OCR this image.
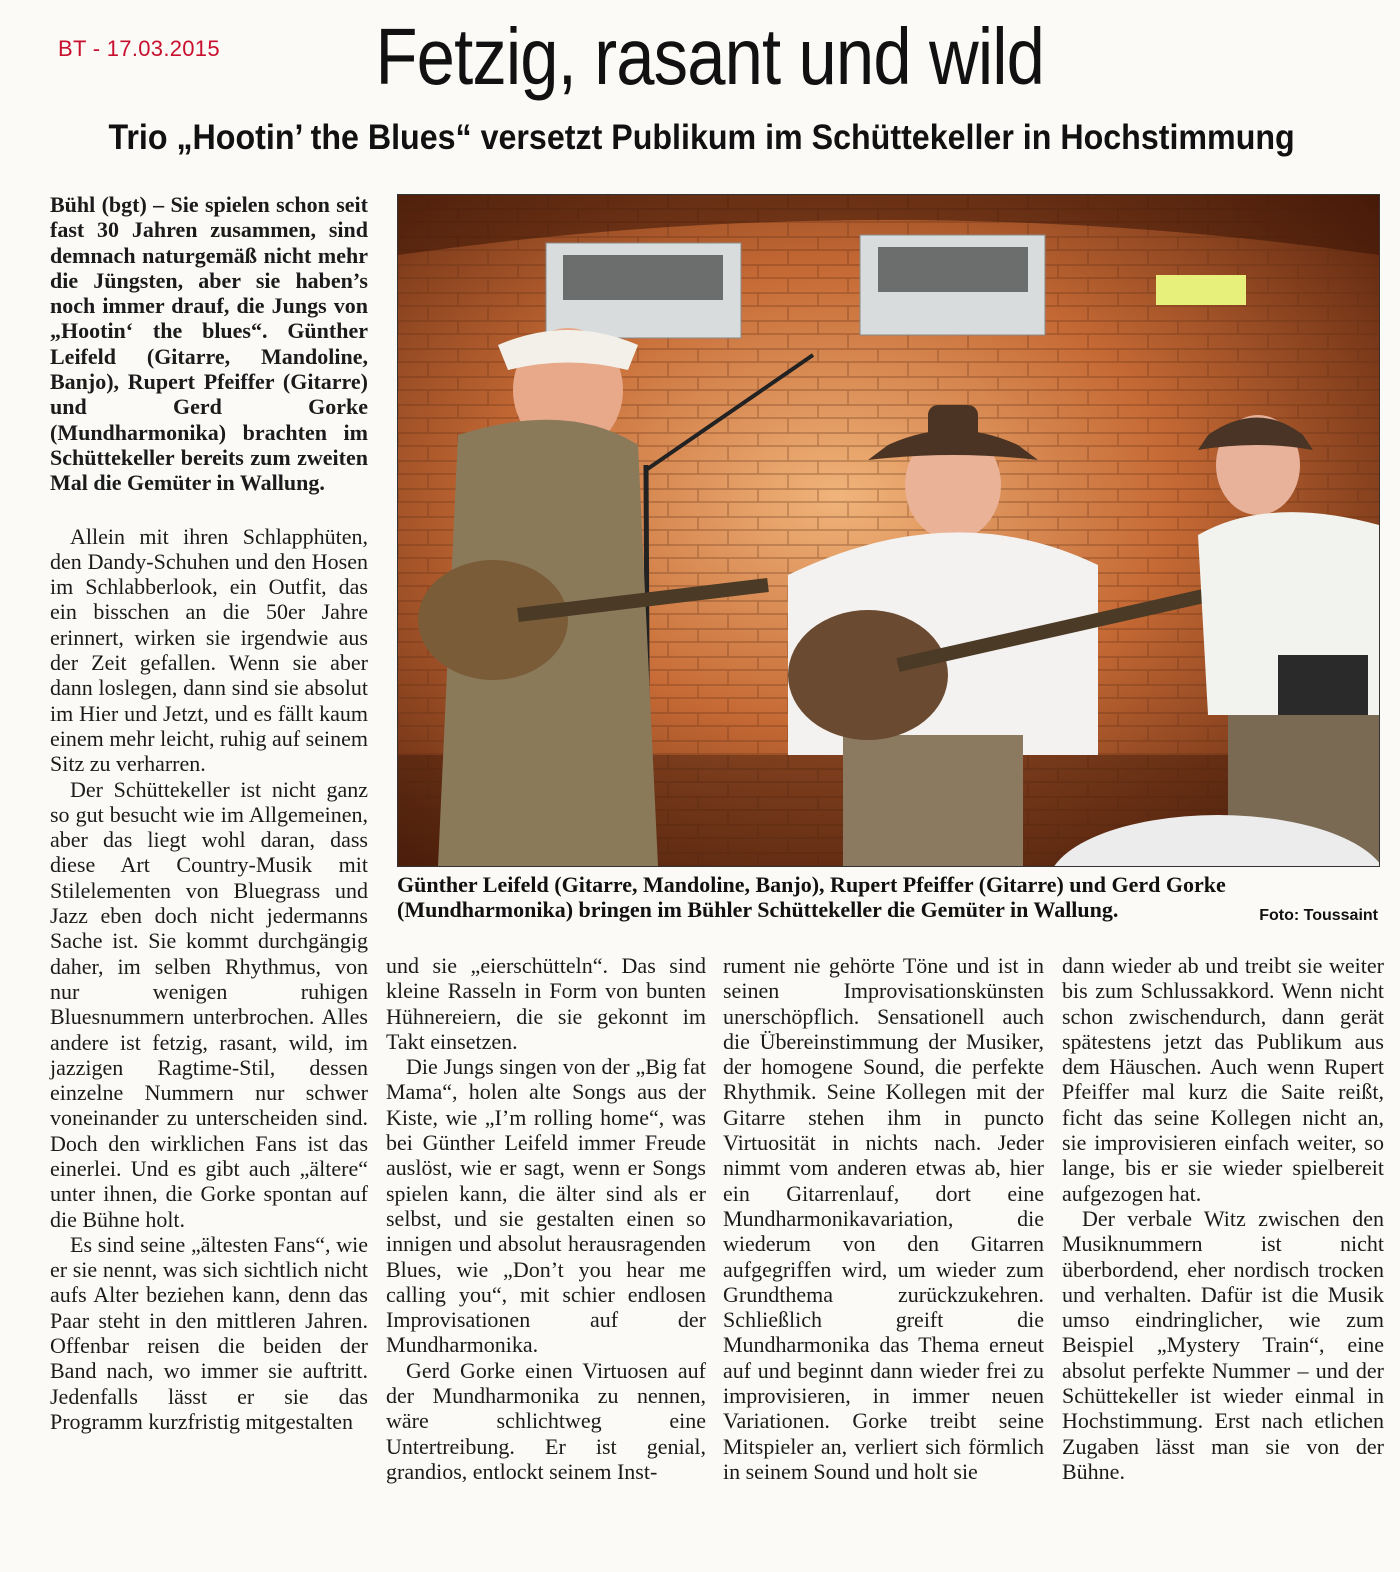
BT - 17.03.2015	Fetzig, rasant und wild
Trio „Hootin’ the Blues“ versetzt Publikum im Schüttekeller in Hochstimmung

Bühl (bgt) – Sie spielen schon seit fast 30 Jahren zusammen, sind demnach naturgemäß nicht mehr die Jüngsten, aber sie haben’s noch immer drauf, die Jungs von „Hootin‘ the blues“. Günther Leifeld (Gitarre, Mandoline, Banjo), Rupert Pfeiffer (Gitarre) und Gerd Gorke (Mundharmonika) brachten im Schüttekeller bereits zum zweiten Mal die Gemüter in Wallung.

Allein mit ihren Schlapphüten, den Dandy-Schuhen und den Hosen im Schlabberlook, ein Outfit, das ein bisschen an die 50er Jahre erinnert, wirken sie irgendwie aus der Zeit gefallen. Wenn sie aber dann loslegen, dann sind sie absolut im Hier und Jetzt, und es fällt kaum einem mehr leicht, ruhig auf seinem Sitz zu verharren.

Der Schüttekeller ist nicht ganz so gut besucht wie im Allgemeinen, aber das liegt wohl daran, dass diese Art Country-Musik mit Stilelementen von Bluegrass und Jazz eben doch nicht jedermanns Sache ist. Sie kommt durchgängig daher, im selben Rhythmus, von nur wenigen ruhigen Bluesnummern unterbrochen. Alles andere ist fetzig, rasant, wild, im jazzigen Ragtime-Stil, dessen einzelne Nummern nur schwer voneinander zu unterscheiden sind. Doch den wirklichen Fans ist das einerlei. Und es gibt auch „ältere“ unter ihnen, die Gorke spontan auf die Bühne holt.

Es sind seine „ältesten Fans“, wie er sie nennt, was sich sichtlich nicht aufs Alter beziehen kann, denn das Paar steht in den mittleren Jahren. Offenbar reisen die beiden der Band nach, wo immer sie auftritt. Jedenfalls lässt er sie das Programm kurzfristig mitgestalten

Günther Leifeld (Gitarre, Mandoline, Banjo), Rupert Pfeiffer (Gitarre) und Gerd Gorke (Mundharmonika) bringen im Bühler Schüttekeller die Gemüter in Wallung.	Foto: Toussaint

und sie „eierschütteln“. Das sind kleine Rasseln in Form von bunten Hühnereiern, die sie gekonnt im Takt einsetzen.

Die Jungs singen von der „Big fat Mama“, holen alte Songs aus der Kiste, wie „I’m rolling home“, was bei Günther Leifeld immer Freude auslöst, wie er sagt, wenn er Songs spielen kann, die älter sind als er selbst, und sie gestalten einen so innigen und absolut herausragenden Blues, wie „Don’t you hear me calling you“, mit schier endlosen Improvisationen auf der Mundharmonika.

Gerd Gorke einen Virtuosen auf der Mundharmonika zu nennen, wäre schlichtweg eine Untertreibung. Er ist genial, grandios, entlockt seinem Inst-

rument nie gehörte Töne und ist in seinen Improvisationskünsten unerschöpflich. Sensationell auch die Übereinstimmung der Musiker, der homogene Sound, die perfekte Rhythmik. Seine Kollegen mit der Gitarre stehen ihm in puncto Virtuosität in nichts nach. Jeder nimmt vom anderen etwas ab, hier ein Gitarrenlauf, dort eine Mundharmonikavariation, die wiederum von den Gitarren aufgegriffen wird, um wieder zum Grundthema zurückzukehren. Schließlich greift die Mundharmonika das Thema erneut auf und beginnt dann wieder frei zu improvisieren, in immer neuen Variationen. Gorke treibt seine Mitspieler an, verliert sich förmlich in seinem Sound und holt sie

dann wieder ab und treibt sie weiter bis zum Schlussakkord. Wenn nicht schon zwischendurch, dann gerät spätestens jetzt das Publikum aus dem Häuschen. Auch wenn Rupert Pfeiffer mal kurz die Saite reißt, ficht das seine Kollegen nicht an, sie improvisieren einfach weiter, so lange, bis er sie wieder spielbereit aufgezogen hat.

Der verbale Witz zwischen den Musiknummern ist nicht überbordend, eher nordisch trocken und verhalten. Dafür ist die Musik umso eindringlicher, wie zum Beispiel „Mystery Train“, eine absolut perfekte Nummer – und der Schüttekeller ist wieder einmal in Hochstimmung. Erst nach etlichen Zugaben lässt man sie von der Bühne.
